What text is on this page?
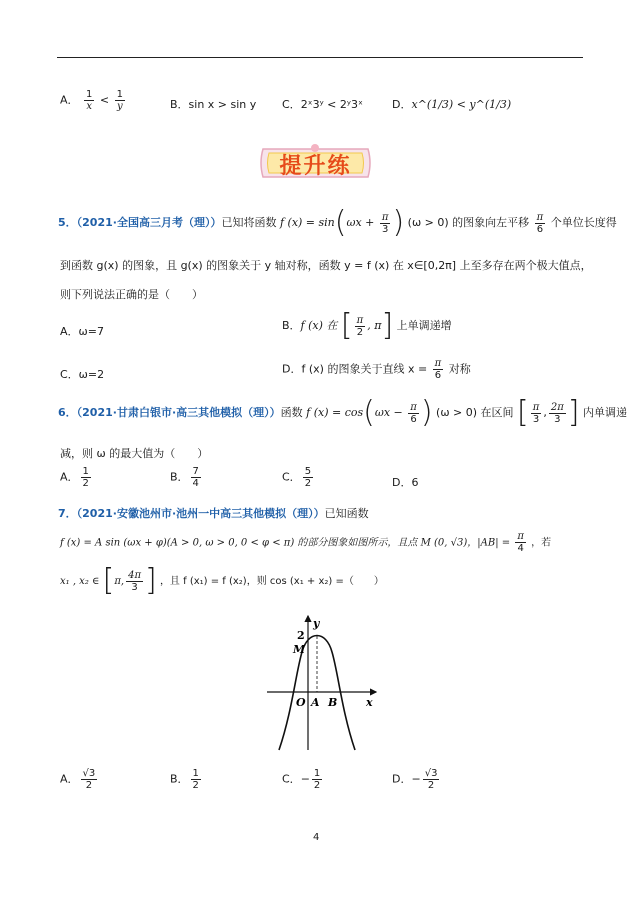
A． $\frac{1}{x} < \frac{1}{y}$	B．sin x > sin y C．2ˣ3ʸ < 2ʸ3ˣ	D．x^(1/3) < y^(1/3)
提升练
5．（2021·全国高三月考（理））已知将函数 f $(x) = \sin(\omega x + \frac{\pi}{3}$ ) (ω > 0) 的图象向左平移 $\frac{\pi}{6}$ 个单位长度得
到函数 g(x) 的图象，且 g(x) 的图象关于 y 轴对称，函数 y = f (x) 在 x∈[0,2π] 上至多存在两个极大值点，
则下列说法正确的是（　　）
A．ω=7	B．f (x) 在 [ $\frac{\pi}{2}$ , π] 上单调递增
C．ω=2	D．f (x) 的图象关于直线 $x = \frac{\pi}{6}$ 对称
6．（2021·甘肃白银市·高三其他模拟（理））函数 f $(x) = \cos(\omega x - \frac{\pi}{6}$ ) (ω > 0) 在区间 [ $\frac{\pi}{3}$ , $\frac{2\pi}{3}$ ] 内单调递
减，则 ω 的最大值为（　　）
A． $\frac{1}{2}$	B． $\frac{7}{4}$	C． $\frac{5}{2}$	D．6
7．（2021·安徽池州市·池州一中高三其他模拟（理））已知函数
f (x) = A sin (ωx + φ)(A > 0, ω > 0, 0 < φ < π) 的部分图象如图所示，且点 M (0, √3)，$|AB| = \frac{\pi}{4}$ ，若
x₁ , x₂ ∈ [π, $\frac{4\pi}{3}$ ] ，且 f (x₁) = f (x₂)，则 cos (x₁ + x₂) =（　　）
y
2
M
O A B	x
A． $\frac{√3}{2}$	B． $\frac{1}{2}$	C．− $\frac{1}{2}$	D．− $\frac{√3}{2}$
4
